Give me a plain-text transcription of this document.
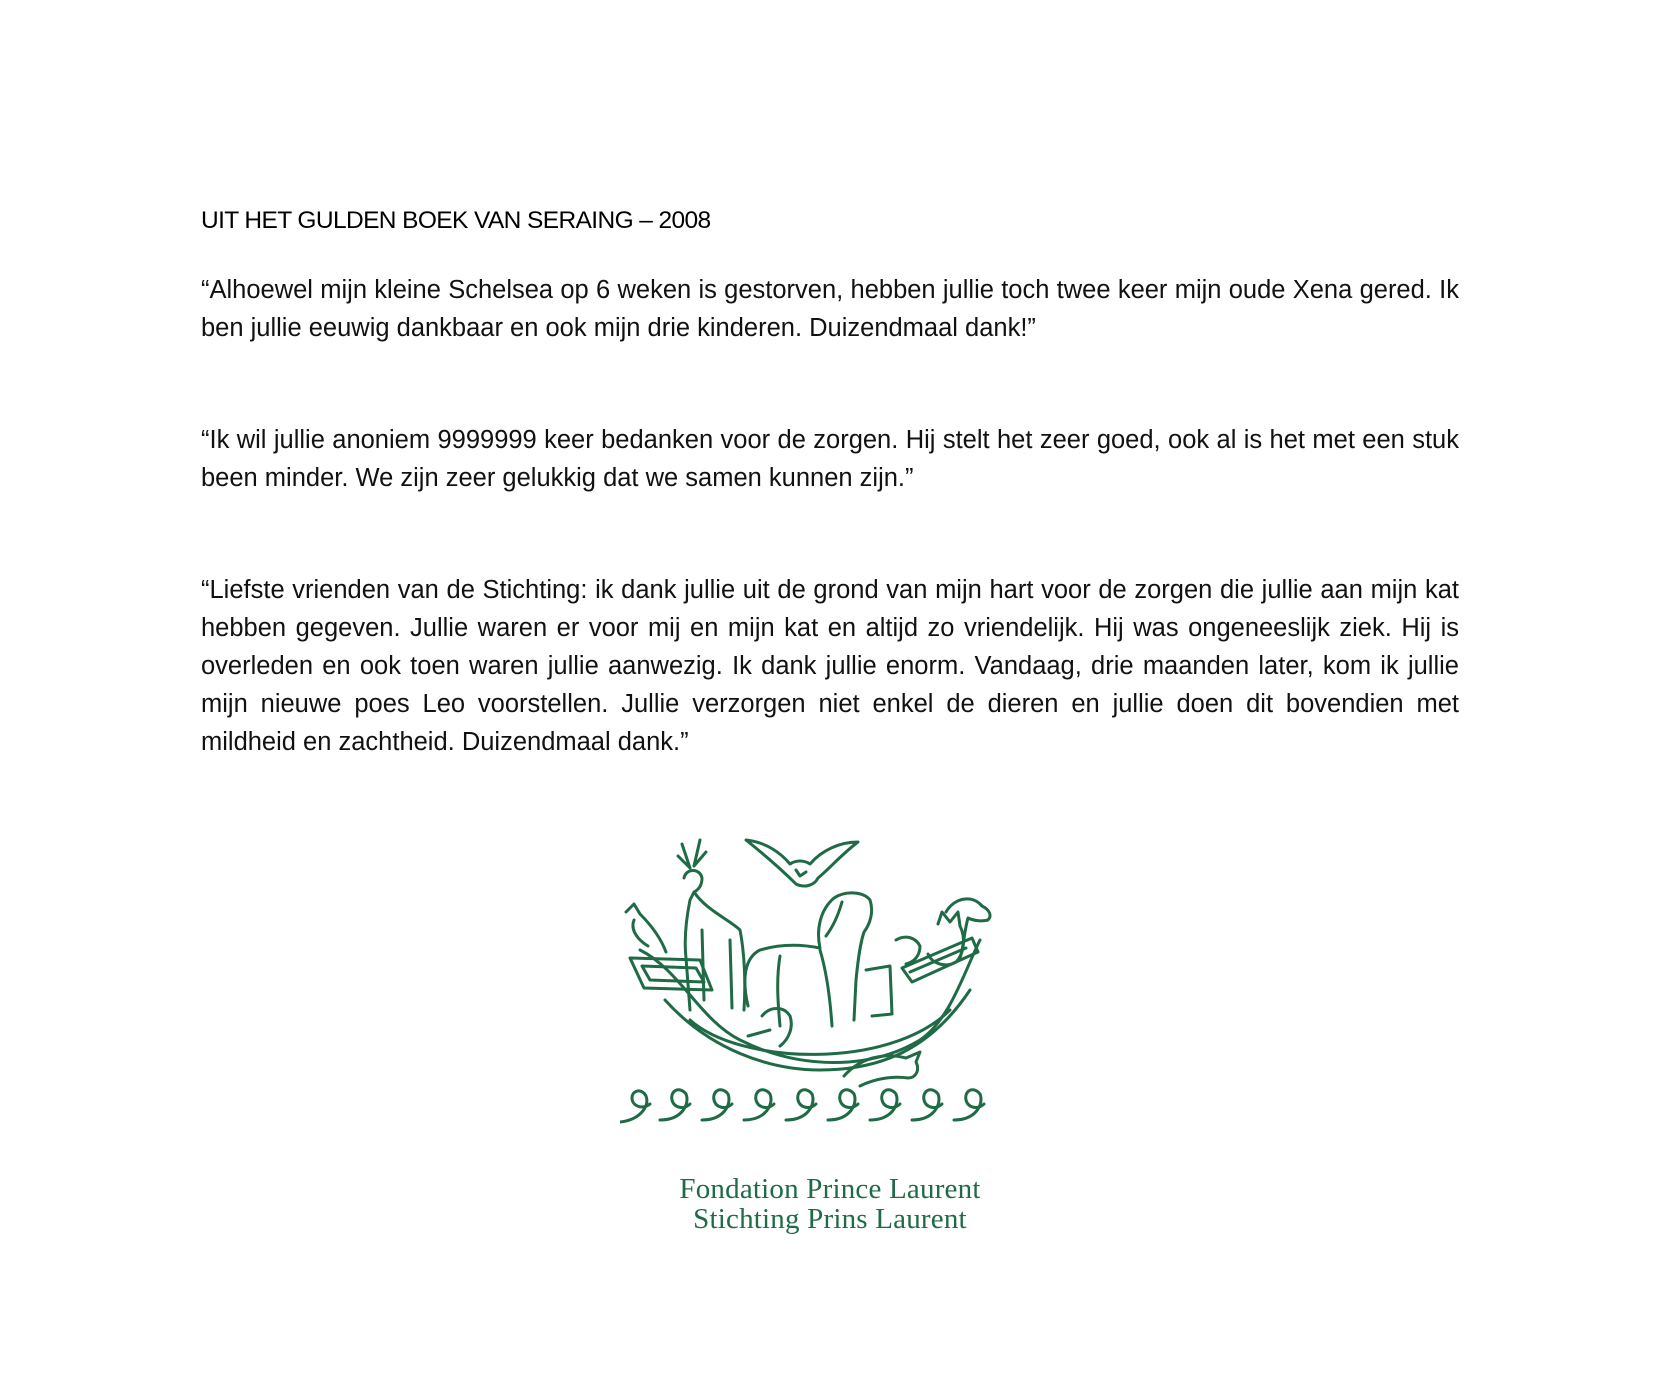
UIT HET GULDEN BOEK VAN SERAING – 2008

“Alhoewel mijn kleine Schelsea op 6 weken is gestorven, hebben jullie toch twee keer mijn oude Xena gered. Ik ben jullie eeuwig dankbaar en ook mijn drie kinderen. Duizendmaal dank!”

“Ik wil jullie anoniem 9999999 keer bedanken voor de zorgen. Hij stelt het zeer goed, ook al is het met een stuk been minder. We zijn zeer gelukkig dat we samen kunnen zijn.”

“Liefste vrienden van de Stichting: ik dank jullie uit de grond van mijn hart voor de zorgen die jullie aan mijn kat hebben gegeven. Jullie waren er voor mij en mijn kat en altijd zo vriendelijk. Hij was ongeneeslijk ziek. Hij is overleden en ook toen waren jullie aanwezig. Ik dank jullie enorm. Vandaag, drie maanden later, kom ik jullie mijn nieuwe poes Leo voorstellen. Jullie verzorgen niet enkel de dieren en jullie doen dit bovendien met mildheid en zachtheid. Duizendmaal dank.”

Fondation Prince Laurent
Stichting Prins Laurent
